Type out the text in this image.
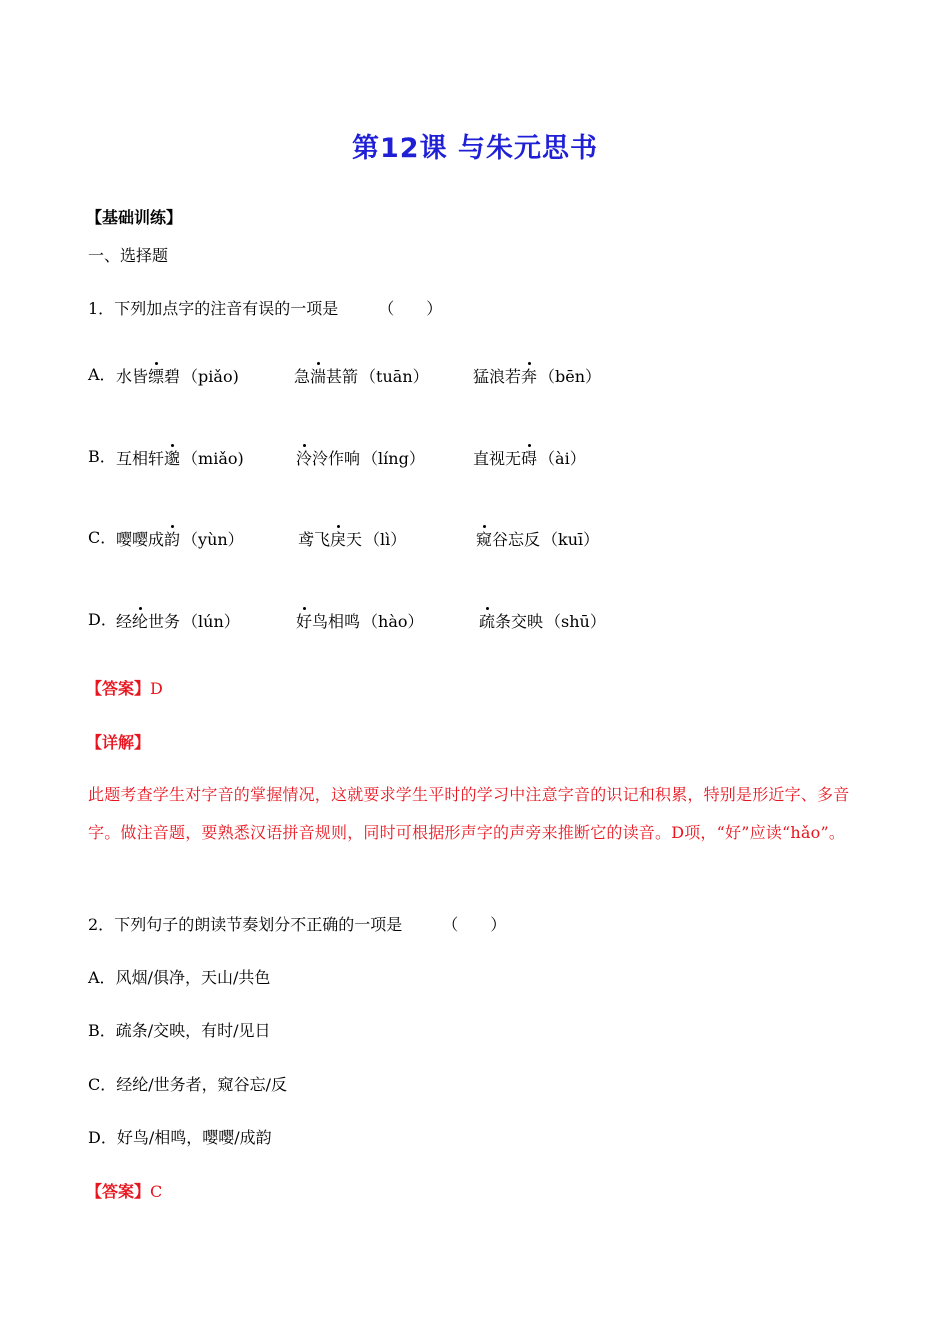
第12课 与朱元思书
【基础训练】
一、选择题
1．下列加点字的注音有误的一项是	（　　）
A． 水皆缥碧 （piǎo)	急湍甚箭 （tuān）	猛浪若奔 （bēn）
B． 互相轩邈 （miǎo)	泠泠作响 （líng）	直视无碍 （ài）
C． 嘤嘤成韵 （yùn）	鸢飞戾天 （lì）	窥谷忘反 （kuī）
D． 经纶世务 （lún）	好鸟相鸣 （hào）	疏条交映 （shū）
【答案】D
【详解】
此题考查学生对字音的掌握情况，这就要求学生平时的学习中注意字音的识记和积累，特别是形近字、多音字。做注音题，要熟悉汉语拼音规则，同时可根据形声字的声旁来推断它的读音。D项，“好”应读“hǎo”。
2．下列句子的朗读节奏划分不正确的一项是	（　　）
A．风烟/俱净，天山/共色
B．疏条/交映，有时/见日
C．经纶/世务者，窥谷忘/反
D．好鸟/相鸣，嘤嘤/成韵
【答案】C
